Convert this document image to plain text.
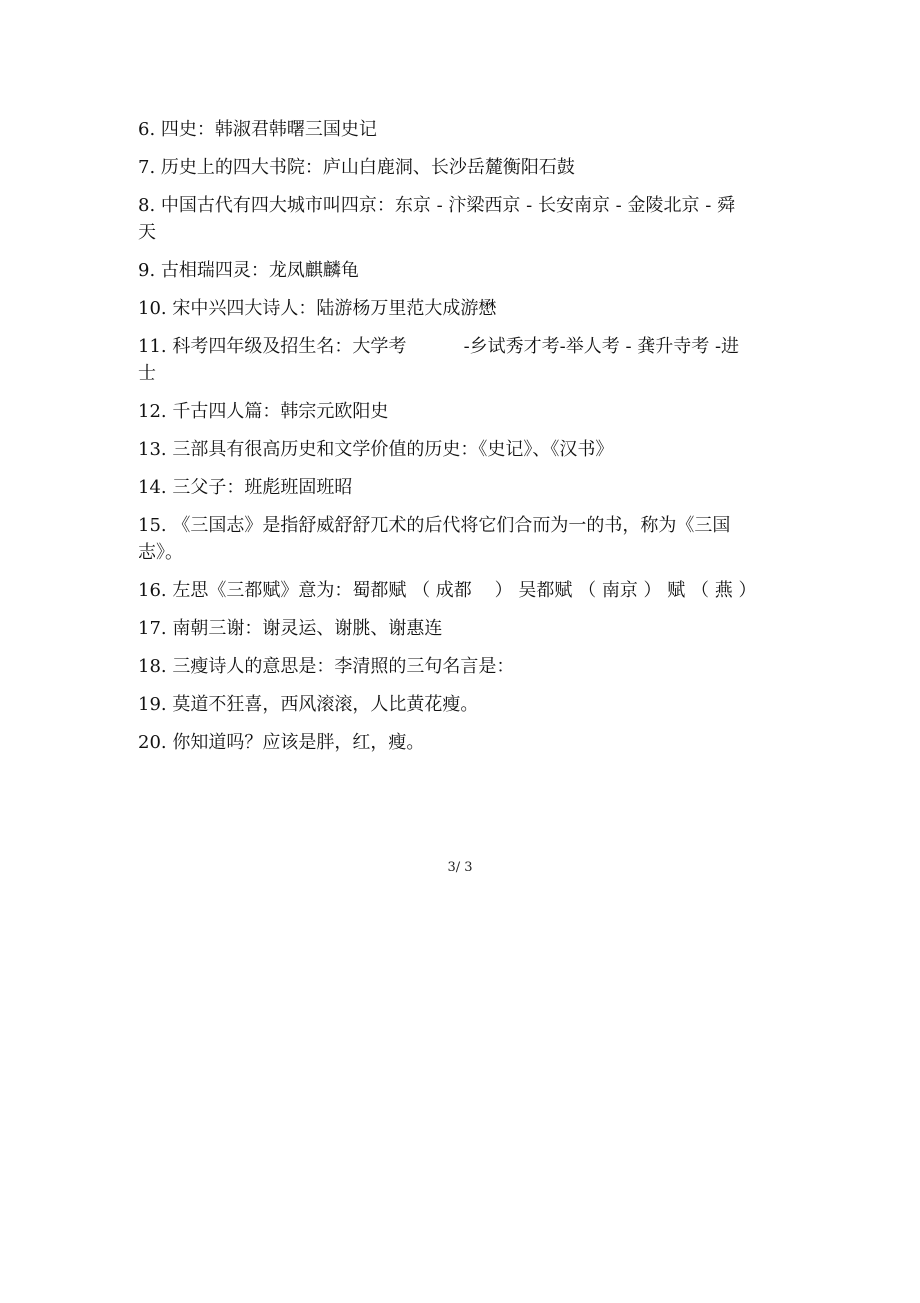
6. 四史：韩淑君韩曙三国史记

7. 历史上的四大书院：庐山白鹿洞、长沙岳麓衡阳石鼓

8. 中国古代有四大城市叫四京：东京 - 汴梁西京 - 长安南京 - 金陵北京 - 舜天

9. 古相瑞四灵：龙凤麒麟龟

10. 宋中兴四大诗人：陆游杨万里范大成游懋

11. 科考四年级及招生名：大学考          -乡试秀才考-举人考 - 龚升寺考 -进士

12. 千古四人篇：韩宗元欧阳史

13. 三部具有很高历史和文学价值的历史：《史记》、《汉书》

14. 三父子：班彪班固班昭

15. 《三国志》是指舒威舒舒兀术的后代将它们合而为一的书，称为《三国志》。

16. 左思《三都赋》意为：蜀都赋 （ 成都    ） 吴都赋 （ 南京 ） 赋 （ 燕 ）

17. 南朝三谢：谢灵运、谢朓、谢惠连

18. 三瘦诗人的意思是：李清照的三句名言是：

19. 莫道不狂喜，西风滚滚，人比黄花瘦。

20. 你知道吗？应该是胖，红，瘦。

3/ 3
